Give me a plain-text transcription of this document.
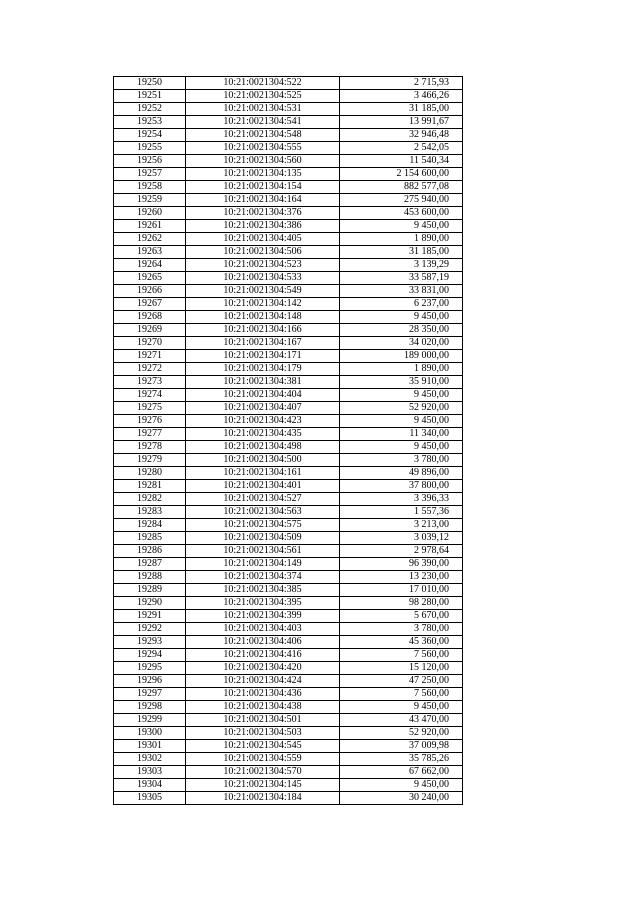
19250	10:21:0021304:522	2 715,93
19251	10:21:0021304:525	3 466,26
19252	10:21:0021304:531	31 185,00
19253	10:21:0021304:541	13 991,67
19254	10:21:0021304:548	32 946,48
19255	10:21:0021304:555	2 542,05
19256	10:21:0021304:560	11 540,34
19257	10:21:0021304:135	2 154 600,00
19258	10:21:0021304:154	882 577,08
19259	10:21:0021304:164	275 940,00
19260	10:21:0021304:376	453 600,00
19261	10:21:0021304:386	9 450,00
19262	10:21:0021304:405	1 890,00
19263	10:21:0021304:506	31 185,00
19264	10:21:0021304:523	3 139,29
19265	10:21:0021304:533	33 587,19
19266	10:21:0021304:549	33 831,00
19267	10:21:0021304:142	6 237,00
19268	10:21:0021304:148	9 450,00
19269	10:21:0021304:166	28 350,00
19270	10:21:0021304:167	34 020,00
19271	10:21:0021304:171	189 000,00
19272	10:21:0021304:179	1 890,00
19273	10:21:0021304:381	35 910,00
19274	10:21:0021304:404	9 450,00
19275	10:21:0021304:407	52 920,00
19276	10:21:0021304:423	9 450,00
19277	10:21:0021304:435	11 340,00
19278	10:21:0021304:498	9 450,00
19279	10:21:0021304:500	3 780,00
19280	10:21:0021304:161	49 896,00
19281	10:21:0021304:401	37 800,00
19282	10:21:0021304:527	3 396,33
19283	10:21:0021304:563	1 557,36
19284	10:21:0021304:575	3 213,00
19285	10:21:0021304:509	3 039,12
19286	10:21:0021304:561	2 978,64
19287	10:21:0021304:149	96 390,00
19288	10:21:0021304:374	13 230,00
19289	10:21:0021304:385	17 010,00
19290	10:21:0021304:395	98 280,00
19291	10:21:0021304:399	5 670,00
19292	10:21:0021304:403	3 780,00
19293	10:21:0021304:406	45 360,00
19294	10:21:0021304:416	7 560,00
19295	10:21:0021304:420	15 120,00
19296	10:21:0021304:424	47 250,00
19297	10:21:0021304:436	7 560,00
19298	10:21:0021304:438	9 450,00
19299	10:21:0021304:501	43 470,00
19300	10:21:0021304:503	52 920,00
19301	10:21:0021304:545	37 009,98
19302	10:21:0021304:559	35 785,26
19303	10:21:0021304:570	67 662,00
19304	10:21:0021304:145	9 450,00
19305	10:21:0021304:184	30 240,00
